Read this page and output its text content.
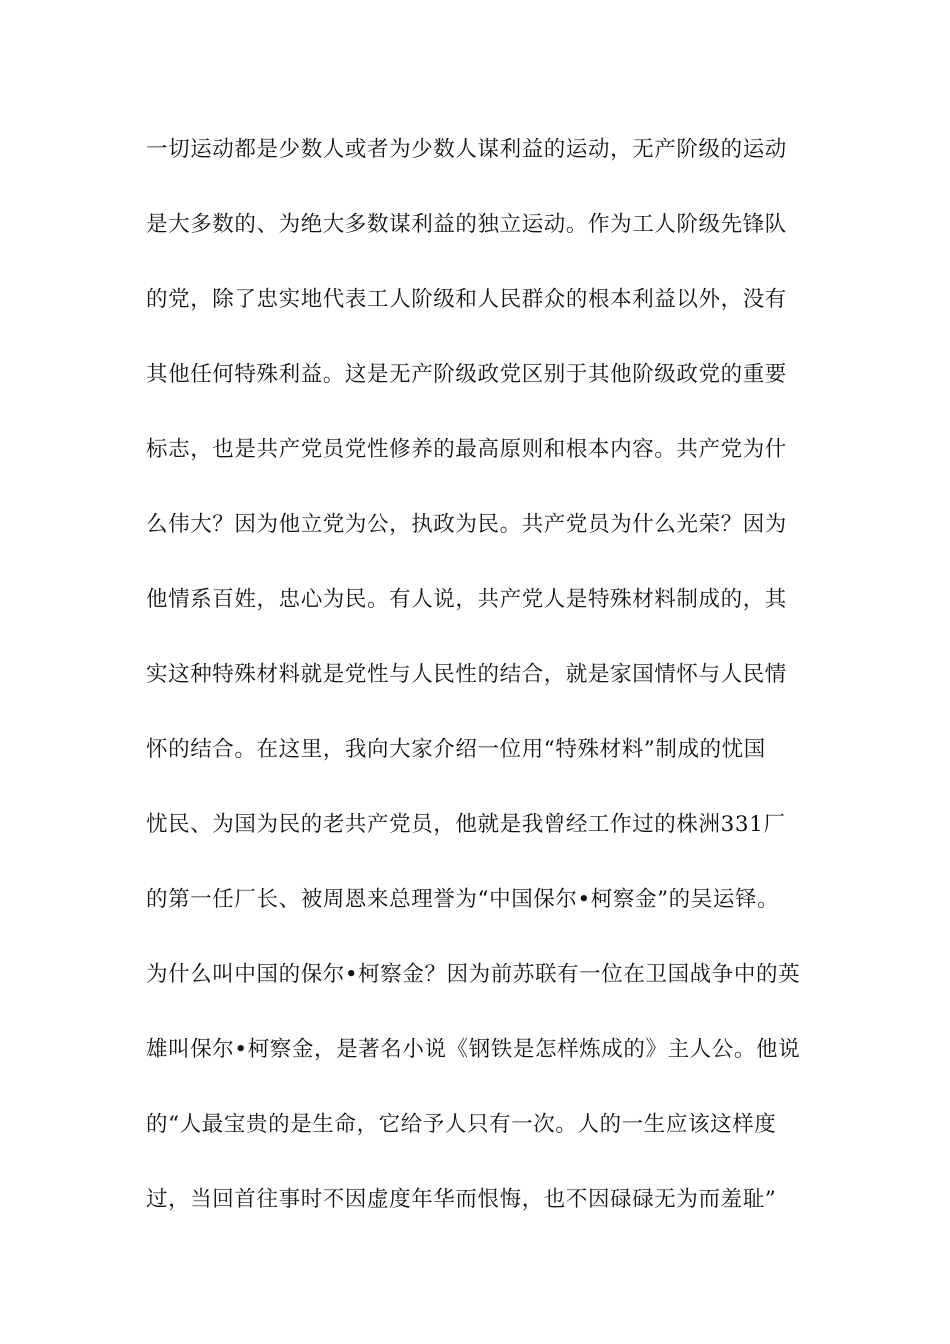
一切运动都是少数人或者为少数人谋利益的运动，无产阶级的运动
是大多数的、为绝大多数谋利益的独立运动。作为工人阶级先锋队
的党，除了忠实地代表工人阶级和人民群众的根本利益以外，没有
其他任何特殊利益。这是无产阶级政党区别于其他阶级政党的重要
标志，也是共产党员党性修养的最高原则和根本内容。共产党为什
么伟大？因为他立党为公，执政为民。共产党员为什么光荣？因为
他情系百姓，忠心为民。有人说，共产党人是特殊材料制成的，其
实这种特殊材料就是党性与人民性的结合，就是家国情怀与人民情
怀的结合。在这里，我向大家介绍一位用“特殊材料”制成的忧国
忧民、为国为民的老共产党员，他就是我曾经工作过的株洲331厂
的第一任厂长、被周恩来总理誉为“中国保尔•柯察金”的吴运铎。
为什么叫中国的保尔•柯察金？因为前苏联有一位在卫国战争中的英
雄叫保尔•柯察金，是著名小说《钢铁是怎样炼成的》主人公。他说
的“人最宝贵的是生命，它给予人只有一次。人的一生应该这样度
过，当回首往事时不因虚度年华而恨悔，也不因碌碌无为而羞耻”
